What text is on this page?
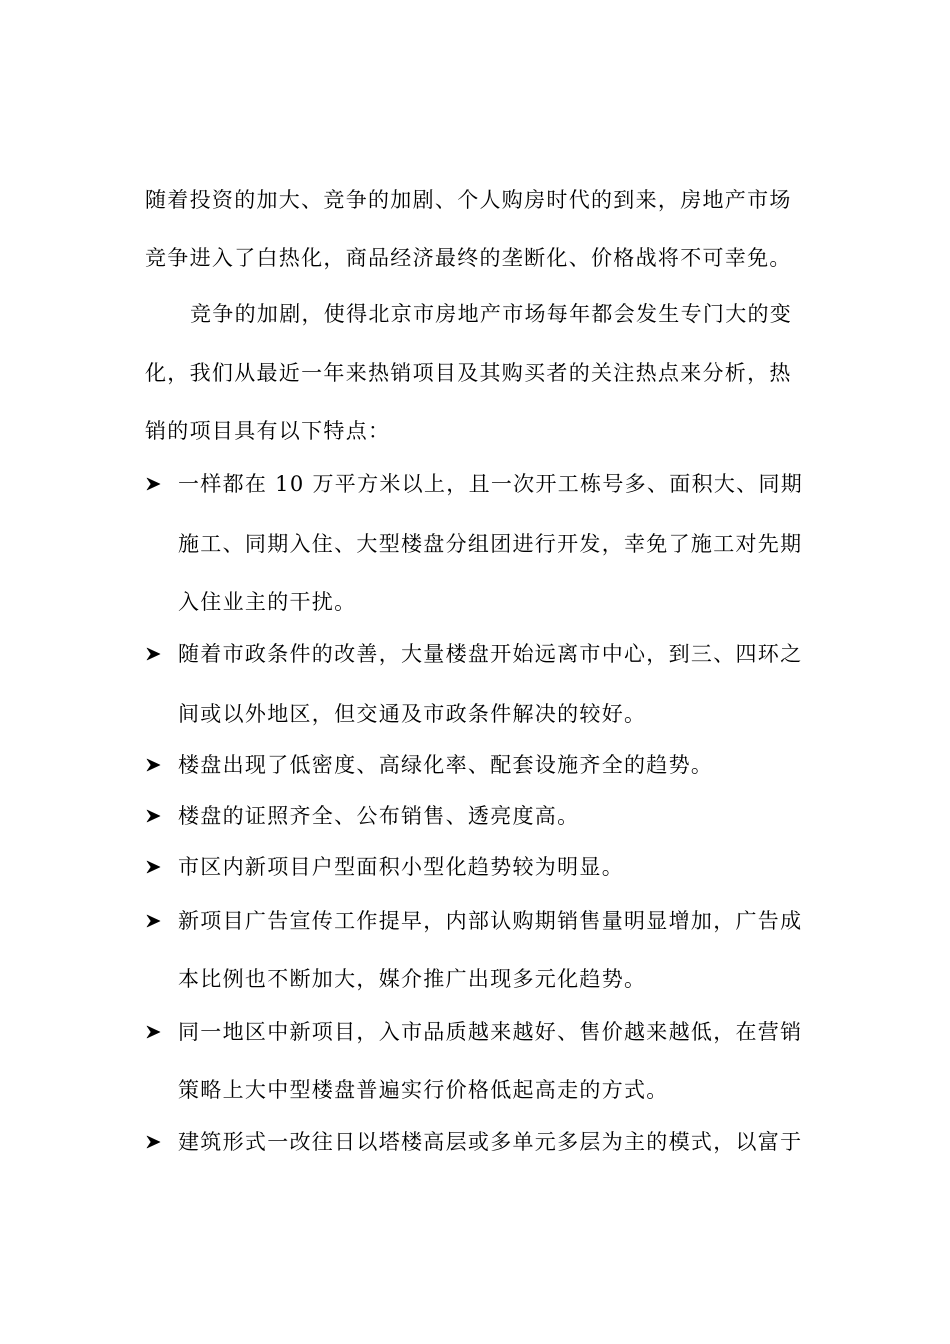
随着投资的加大、竞争的加剧、个人购房时代的到来，房地产市场
竞争进入了白热化，商品经济最终的垄断化、价格战将不可幸免。
竞争的加剧，使得北京市房地产市场每年都会发生专门大的变
化，我们从最近一年来热销项目及其购买者的关注热点来分析，热
销的项目具有以下特点：
一样都在 10 万平方米以上，且一次开工栋号多、面积大、同期
施工、同期入住、大型楼盘分组团进行开发，幸免了施工对先期
入住业主的干扰。
随着市政条件的改善，大量楼盘开始远离市中心，到三、四环之
间或以外地区，但交通及市政条件解决的较好。
楼盘出现了低密度、高绿化率、配套设施齐全的趋势。
楼盘的证照齐全、公布销售、透亮度高。
市区内新项目户型面积小型化趋势较为明显。
新项目广告宣传工作提早，内部认购期销售量明显增加，广告成
本比例也不断加大，媒介推广出现多元化趋势。
同一地区中新项目，入市品质越来越好、售价越来越低，在营销
策略上大中型楼盘普遍实行价格低起高走的方式。
建筑形式一改往日以塔楼高层或多单元多层为主的模式，以富于
